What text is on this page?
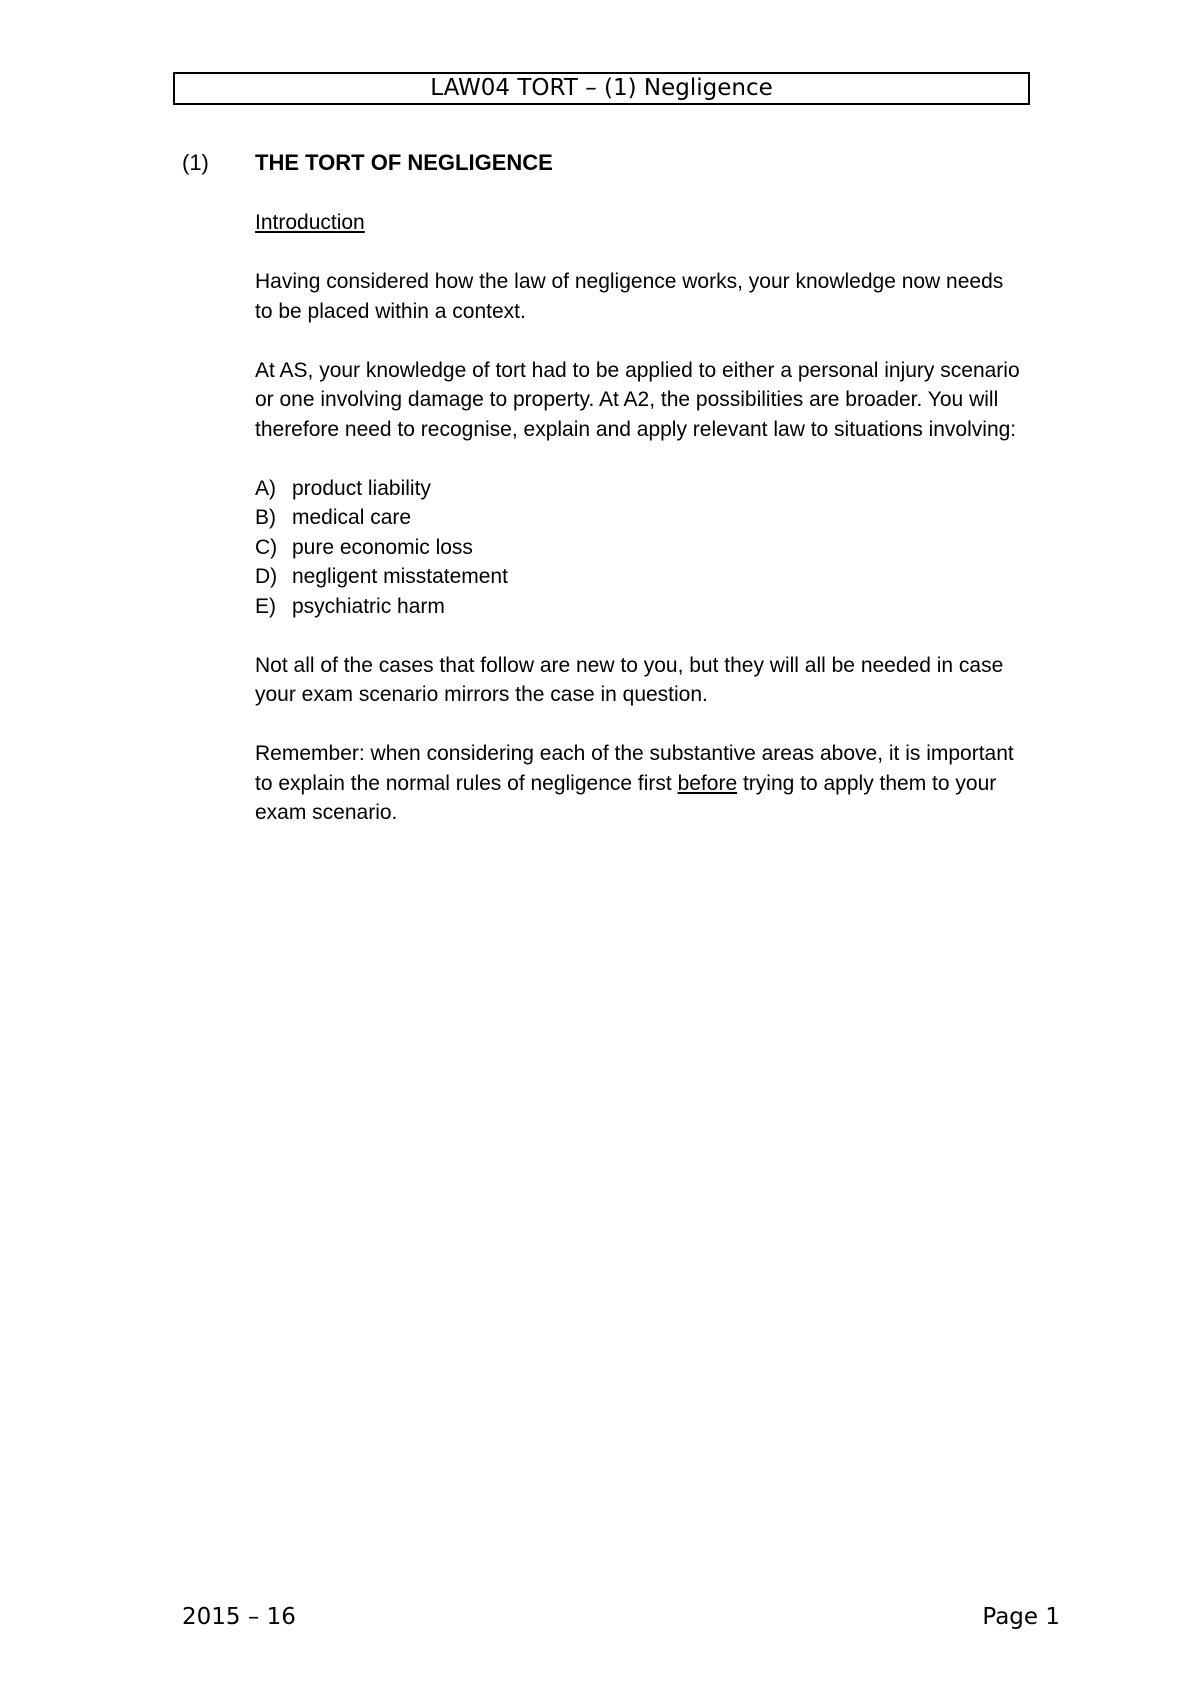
LAW04 TORT – (1) Negligence
(1)	THE TORT OF NEGLIGENCE
Introduction
Having considered how the law of negligence works, your knowledge now needs to be placed within a context.
At AS, your knowledge of tort had to be applied to either a personal injury scenario or one involving damage to property. At A2, the possibilities are broader. You will therefore need to recognise, explain and apply relevant law to situations involving:
A) product liability
B) medical care
C) pure economic loss
D) negligent misstatement
E) psychiatric harm
Not all of the cases that follow are new to you, but they will all be needed in case your exam scenario mirrors the case in question.
Remember: when considering each of the substantive areas above, it is important to explain the normal rules of negligence first before trying to apply them to your exam scenario.
2015 – 16	Page 1
